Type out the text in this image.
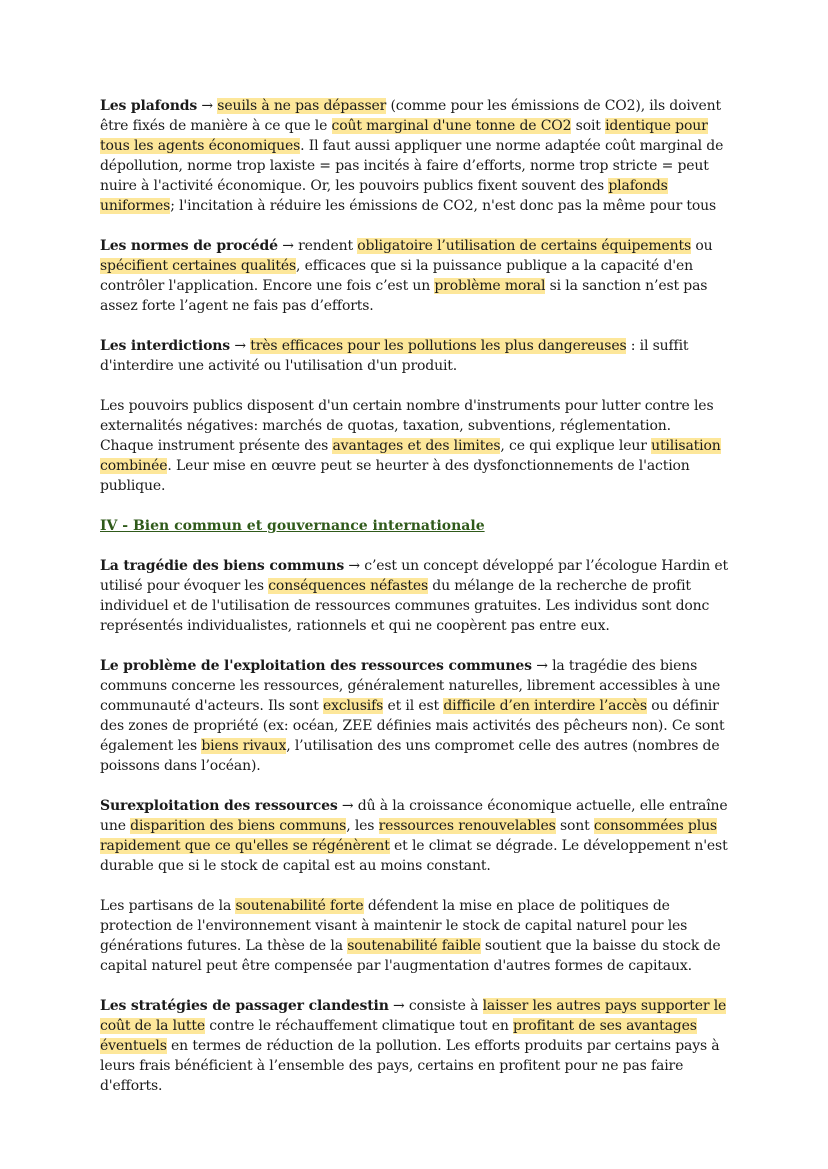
Les plafonds → seuils à ne pas dépasser (comme pour les émissions de CO2), ils doivent être fixés de manière à ce que le coût marginal d'une tonne de CO2 soit identique pour tous les agents économiques. Il faut aussi appliquer une norme adaptée coût marginal de dépollution, norme trop laxiste = pas incités à faire d’efforts, norme trop stricte = peut nuire à l'activité économique. Or, les pouvoirs publics fixent souvent des plafonds uniformes; l'incitation à réduire les émissions de CO2, n'est donc pas la même pour tous

Les normes de procédé → rendent obligatoire l’utilisation de certains équipements ou spécifient certaines qualités, efficaces que si la puissance publique a la capacité d'en contrôler l'application. Encore une fois c’est un problème moral si la sanction n’est pas assez forte l’agent ne fais pas d’efforts.

Les interdictions → très efficaces pour les pollutions les plus dangereuses : il suffit d'interdire une activité ou l'utilisation d'un produit.

Les pouvoirs publics disposent d'un certain nombre d'instruments pour lutter contre les externalités négatives: marchés de quotas, taxation, subventions, réglementation. Chaque instrument présente des avantages et des limites, ce qui explique leur utilisation combinée. Leur mise en œuvre peut se heurter à des dysfonctionnements de l'action publique.

IV - Bien commun et gouvernance internationale

La tragédie des biens communs → c’est un concept développé par l’écologue Hardin et utilisé pour évoquer les conséquences néfastes du mélange de la recherche de profit individuel et de l'utilisation de ressources communes gratuites. Les individus sont donc représentés individualistes, rationnels et qui ne coopèrent pas entre eux.

Le problème de l'exploitation des ressources communes → la tragédie des biens communs concerne les ressources, généralement naturelles, librement accessibles à une communauté d'acteurs. Ils sont exclusifs et il est difficile d’en interdire l’accès ou définir des zones de propriété (ex: océan, ZEE définies mais activités des pêcheurs non). Ce sont également les biens rivaux, l’utilisation des uns compromet celle des autres (nombres de poissons dans l’océan).

Surexploitation des ressources → dû à la croissance économique actuelle, elle entraîne une disparition des biens communs, les ressources renouvelables sont consommées plus rapidement que ce qu'elles se régénèrent et le climat se dégrade. Le développement n'est durable que si le stock de capital est au moins constant.

Les partisans de la soutenabilité forte défendent la mise en place de politiques de protection de l'environnement visant à maintenir le stock de capital naturel pour les générations futures. La thèse de la soutenabilité faible soutient que la baisse du stock de capital naturel peut être compensée par l'augmentation d'autres formes de capitaux.

Les stratégies de passager clandestin → consiste à laisser les autres pays supporter le coût de la lutte contre le réchauffement climatique tout en profitant de ses avantages éventuels en termes de réduction de la pollution. Les efforts produits par certains pays à leurs frais bénéficient à l’ensemble des pays, certains en profitent pour ne pas faire d'efforts.
